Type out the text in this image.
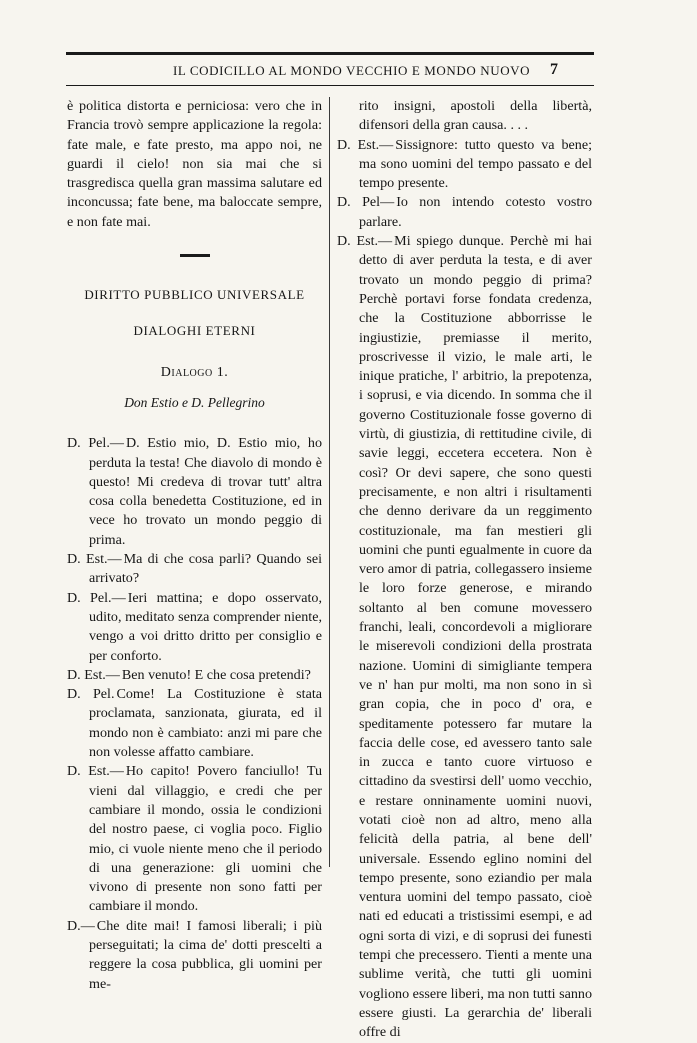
IL CODICILLO AL MONDO VECCHIO E MONDO NUOVO 7

è politica distorta e perniciosa: vero che in Francia trovò sempre applicazione la regola: fate male, e fate presto, ma appo noi, ne guardi il cielo! non sia mai che si trasgredisca quella gran massima salutare ed inconcussa; fate bene, ma baloccate sempre, e non fate mai.

DIRITTO PUBBLICO UNIVERSALE

DIALOGHI ETERNI

Dialogo 1.

Don Estio e D. Pellegrino

D. Pel.— D. Estio mio, D. Estio mio, ho perduta la testa! Che diavolo di mondo è questo! Mi credeva di trovar tutt' altra cosa colla benedetta Costituzione, ed in vece ho trovato un mondo peggio di prima.

D. Est.— Ma di che cosa parli? Quando sei arrivato?

D. Pel.— Ieri mattina; e dopo osservato, udito, meditato senza comprender niente, vengo a voi dritto dritto per consiglio e per conforto.

D. Est.— Ben venuto! E che cosa pretendi?

D. Pel. Come! La Costituzione è stata proclamata, sanzionata, giurata, ed il mondo non è cambiato: anzi mi pare che non volesse affatto cambiare.

D. Est.— Ho capito! Povero fanciullo! Tu vieni dal villaggio, e credi che per cambiare il mondo, ossia le condizioni del nostro paese, ci voglia poco. Figlio mio, ci vuole niente meno che il periodo di una generazione: gli uomini che vivono di presente non sono fatti per cambiare il mondo.

D.— Che dite mai! I famosi liberali; i più perseguitati; la cima de' dotti prescelti a reggere la cosa pubblica, gli uomini per me-

rito insigni, apostoli della libertà, difensori della gran causa. . . .

D. Est.— Sissignore: tutto questo va bene; ma sono uomini del tempo passato e del tempo presente.

D. Pel— Io non intendo cotesto vostro parlare.

D. Est.— Mi spiego dunque. Perchè mi hai detto di aver perduta la testa, e di aver trovato un mondo peggio di prima? Perchè portavi forse fondata credenza, che la Costituzione abborrisse le ingiustizie, premiasse il merito, proscrivesse il vizio, le male arti, le inique pratiche, l' arbitrio, la prepotenza, i soprusi, e via dicendo. In somma che il governo Costituzionale fosse governo di virtù, di giustizia, di rettitudine civile, di savie leggi, eccetera eccetera. Non è così? Or devi sapere, che sono questi precisamente, e non altri i risultamenti che denno derivare da un reggimento costituzionale, ma fan mestieri gli uomini che punti egualmente in cuore da vero amor di patria, collegassero insieme le loro forze generose, e mirando soltanto al ben comune movessero franchi, leali, concordevoli a migliorare le miserevoli condizioni della prostrata nazione. Uomini di simigliante tempera ve n' han pur molti, ma non sono in sì gran copia, che in poco d' ora, e speditamente potessero far mutare la faccia delle cose, ed avessero tanto sale in zucca e tanto cuore virtuoso e cittadino da svestirsi dell' uomo vecchio, e restare onninamente uomini nuovi, votati cioè non ad altro, meno alla felicità della patria, al bene dell' universale. Essendo eglino nomini del tempo presente, sono eziandio per mala ventura uomini del tempo passato, cioè nati ed educati a tristissimi esempi, e ad ogni sorta di vizi, e di soprusi dei funesti tempi che precessero. Tienti a mente una sublime verità, che tutti gli uomini vogliono essere liberi, ma non tutti sanno essere giusti. La gerarchia de' liberali offre di
